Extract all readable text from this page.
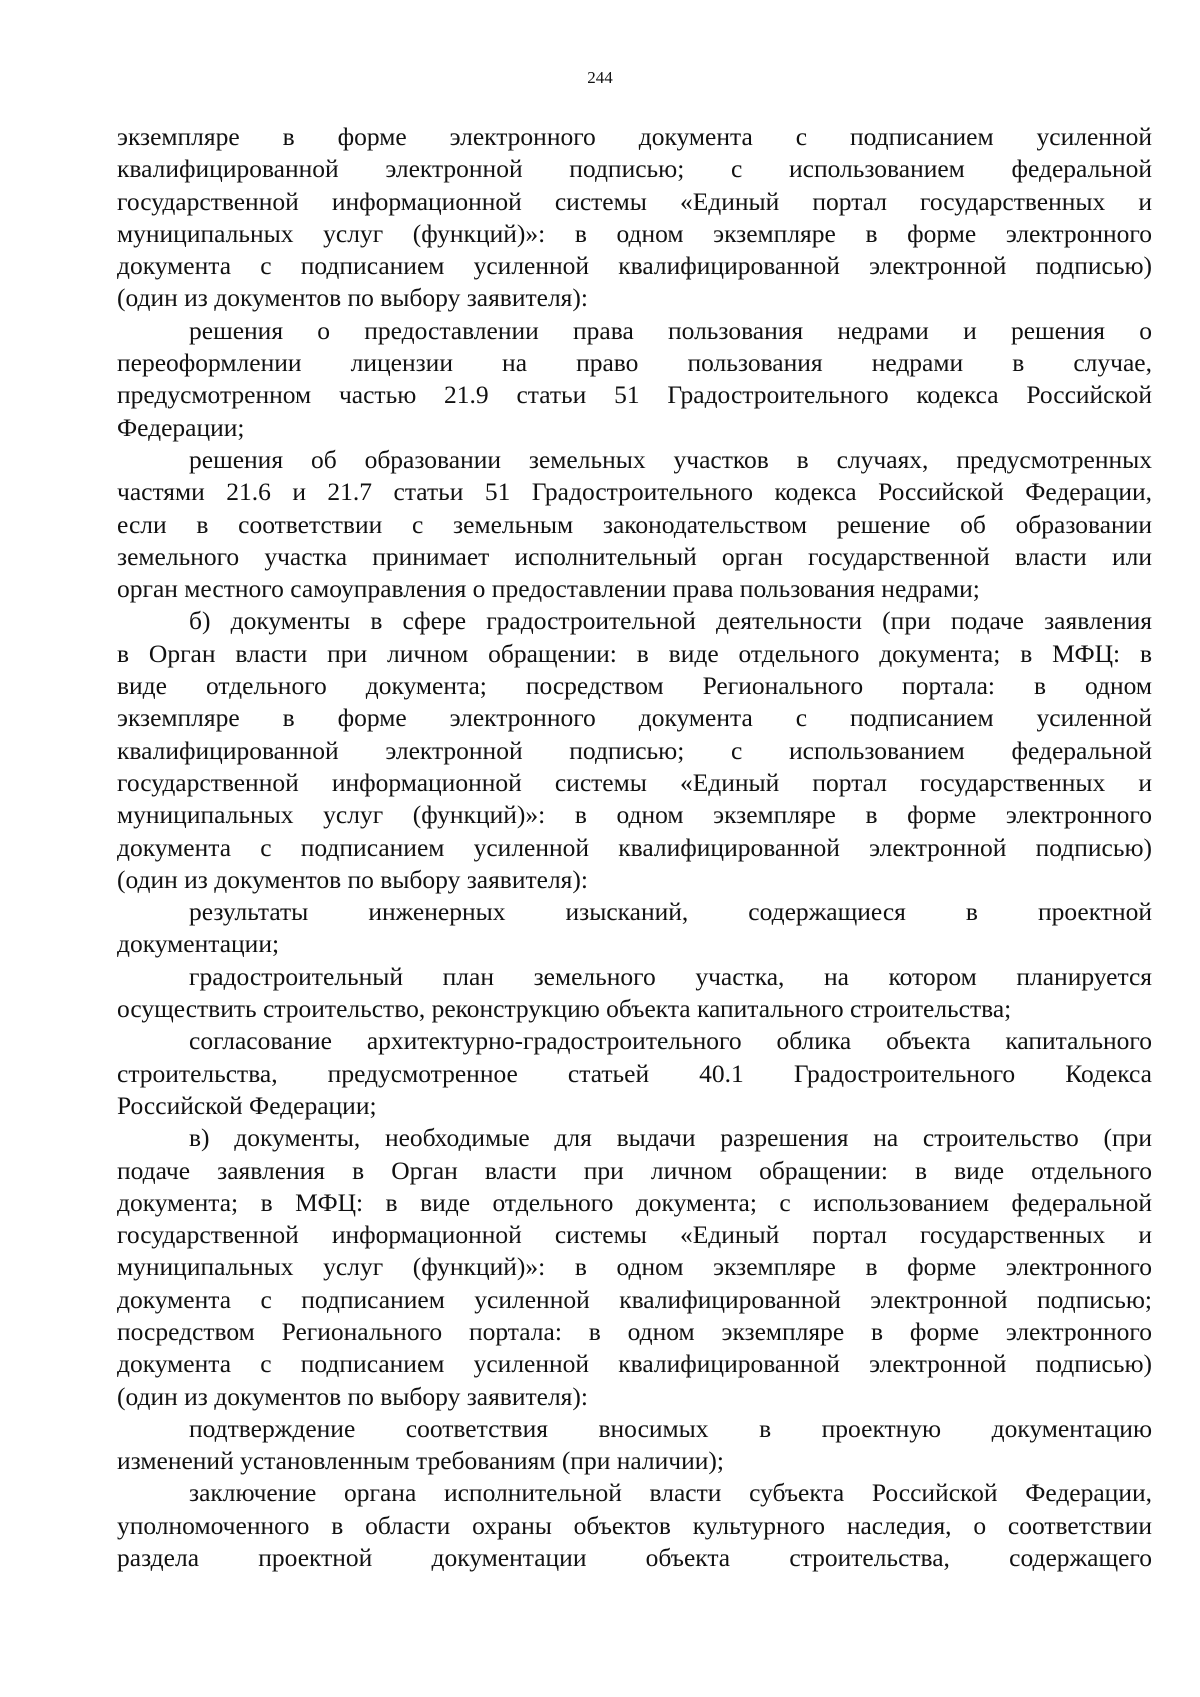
244
экземпляре в форме электронного документа с подписанием усиленной
квалифицированной электронной подписью; с использованием федеральной
государственной информационной системы «Единый портал государственных и
муниципальных услуг (функций)»: в одном экземпляре в форме электронного
документа с подписанием усиленной квалифицированной электронной подписью)
(один из документов по выбору заявителя):
решения о предоставлении права пользования недрами и решения о
переоформлении лицензии на право пользования недрами в случае,
предусмотренном частью 21.9 статьи 51 Градостроительного кодекса Российской
Федерации;
решения об образовании земельных участков в случаях, предусмотренных
частями 21.6 и 21.7 статьи 51 Градостроительного кодекса Российской Федерации,
если в соответствии с земельным законодательством решение об образовании
земельного участка принимает исполнительный орган государственной власти или
орган местного самоуправления о предоставлении права пользования недрами;
б) документы в сфере градостроительной деятельности (при подаче заявления
в Орган власти при личном обращении: в виде отдельного документа; в МФЦ: в
виде отдельного документа; посредством Регионального портала: в одном
экземпляре в форме электронного документа с подписанием усиленной
квалифицированной электронной подписью; с использованием федеральной
государственной информационной системы «Единый портал государственных и
муниципальных услуг (функций)»: в одном экземпляре в форме электронного
документа с подписанием усиленной квалифицированной электронной подписью)
(один из документов по выбору заявителя):
результаты инженерных изысканий, содержащиеся в проектной
документации;
градостроительный план земельного участка, на котором планируется
осуществить строительство, реконструкцию объекта капитального строительства;
согласование архитектурно-градостроительного облика объекта капитального
строительства, предусмотренное статьей 40.1 Градостроительного Кодекса
Российской Федерации;
в) документы, необходимые для выдачи разрешения на строительство (при
подаче заявления в Орган власти при личном обращении: в виде отдельного
документа; в МФЦ: в виде отдельного документа; с использованием федеральной
государственной информационной системы «Единый портал государственных и
муниципальных услуг (функций)»: в одном экземпляре в форме электронного
документа с подписанием усиленной квалифицированной электронной подписью;
посредством Регионального портала: в одном экземпляре в форме электронного
документа с подписанием усиленной квалифицированной электронной подписью)
(один из документов по выбору заявителя):
подтверждение соответствия вносимых в проектную документацию
изменений установленным требованиям (при наличии);
заключение органа исполнительной власти субъекта Российской Федерации,
уполномоченного в области охраны объектов культурного наследия, о соответствии
раздела проектной документации объекта строительства, содержащего
